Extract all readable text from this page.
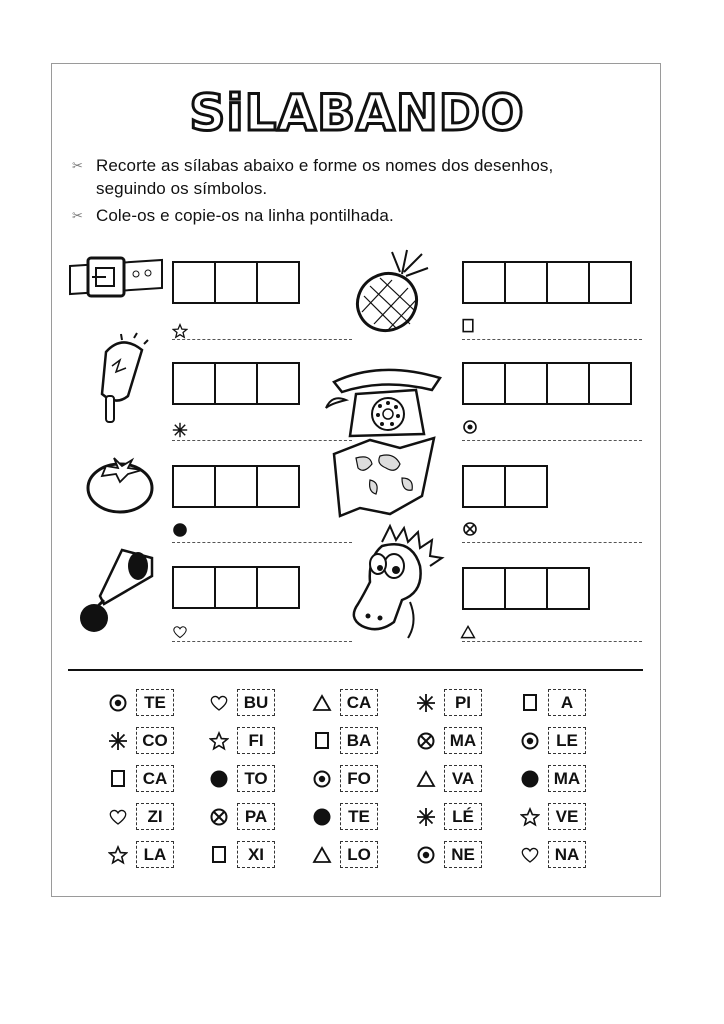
SiLABANDO
✂ Recorte as sílabas abaixo e forme os nomes dos desenhos, seguindo os símbolos.
✂ Cole-os e copie-os na linha pontilhada.
TE	BU	CA	PI	A
CO	FI	BA	MA	LE
CA	TO	FO	VA	MA
ZI	PA	TE	LÉ	VE
LA	XI	LO	NE	NA
